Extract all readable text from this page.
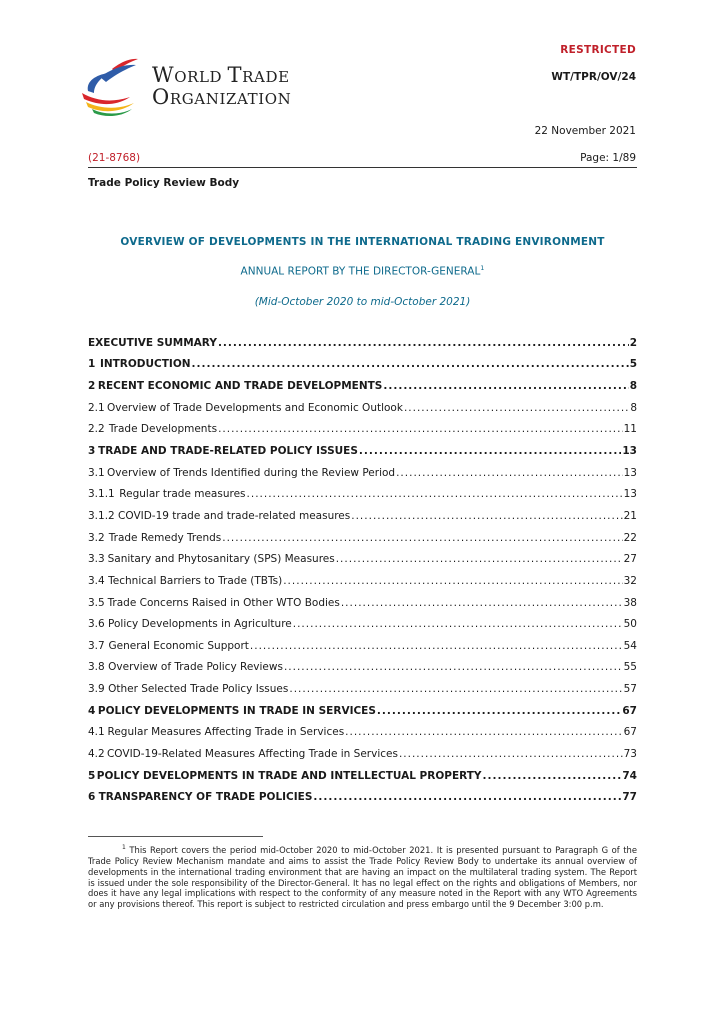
RESTRICTED
WT/TPR/OV/24
WORLD TRADE
ORGANIZATION
22 November 2021
(21-8768)	Page: 1/89
Trade Policy Review Body
OVERVIEW OF DEVELOPMENTS IN THE INTERNATIONAL TRADING ENVIRONMENT
ANNUAL REPORT BY THE DIRECTOR-GENERAL$^1$
(Mid-October 2020 to mid-October 2021)
EXECUTIVE SUMMARY .....	2
1 INTRODUCTION .....	5
2 RECENT ECONOMIC AND TRADE DEVELOPMENTS .....	8
2.1 Overview of Trade Developments and Economic Outlook .....	8
2.2 Trade Developments .....	11
3 TRADE AND TRADE-RELATED POLICY ISSUES .....	13
3.1 Overview of Trends Identified during the Review Period .....	13
3.1.1 Regular trade measures .....	13
3.1.2 COVID-19 trade and trade-related measures .....	21
3.2 Trade Remedy Trends .....	22
3.3 Sanitary and Phytosanitary (SPS) Measures .....	27
3.4 Technical Barriers to Trade (TBTs) .....	32
3.5 Trade Concerns Raised in Other WTO Bodies .....	38
3.6 Policy Developments in Agriculture .....	50
3.7 General Economic Support .....	54
3.8 Overview of Trade Policy Reviews .....	55
3.9 Other Selected Trade Policy Issues .....	57
4 POLICY DEVELOPMENTS IN TRADE IN SERVICES .....	67
4.1 Regular Measures Affecting Trade in Services .....	67
4.2 COVID-19-Related Measures Affecting Trade in Services .....	73
5 POLICY DEVELOPMENTS IN TRADE AND INTELLECTUAL PROPERTY .....	74
6 TRANSPARENCY OF TRADE POLICIES .....	77
$^1$ This Report covers the period mid-October 2020 to mid-October 2021. It is presented pursuant to Paragraph G of the Trade Policy Review Mechanism mandate and aims to assist the Trade Policy Review Body to undertake its annual overview of developments in the international trading environment that are having an impact on the multilateral trading system. The Report is issued under the sole responsibility of the Director-General. It has no legal effect on the rights and obligations of Members, nor does it have any legal implications with respect to the conformity of any measure noted in the Report with any WTO Agreements or any provisions thereof. This report is subject to restricted circulation and press embargo until the 9 December 3:00 p.m.
